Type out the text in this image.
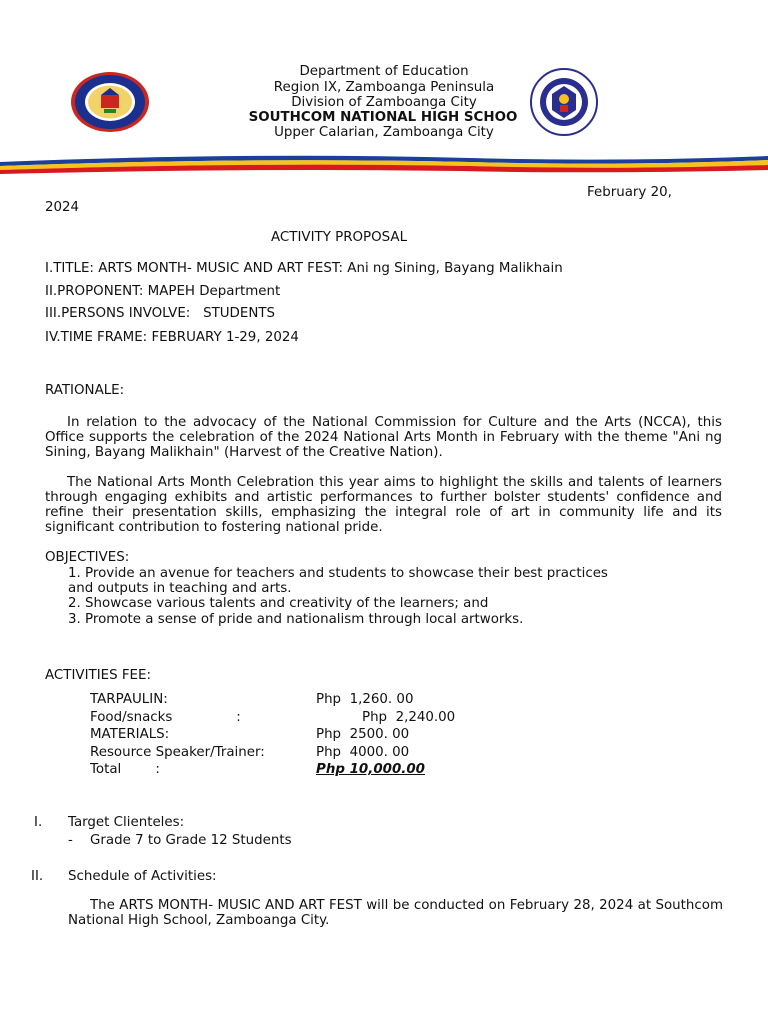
Department of Education
Region IX, Zamboanga Peninsula
Division of Zamboanga City
SOUTHCOM NATIONAL HIGH SCHOO
Upper Calarian, Zamboanga City
February 20,
2024
ACTIVITY PROPOSAL
I.TITLE: ARTS MONTH- MUSIC AND ART FEST: Ani ng Sining, Bayang Malikhain
II.PROPONENT: MAPEH Department
III.PERSONS INVOLVE:   STUDENTS
IV.TIME FRAME: FEBRUARY 1-29, 2024
RATIONALE:
In relation to the advocacy of the National Commission for Culture and the Arts (NCCA), this Office supports the celebration of the 2024 National Arts Month in February with the theme "Ani ng Sining, Bayang Malikhain" (Harvest of the Creative Nation).
The National Arts Month Celebration this year aims to highlight the skills and talents of learners through engaging exhibits and artistic performances to further bolster students' confidence and refine their presentation skills, emphasizing the integral role of art in community life and its significant contribution to fostering national pride.
OBJECTIVES:
1. Provide an avenue for teachers and students to showcase their best practices
and outputs in teaching and arts.
2. Showcase various talents and creativity of the learners; and
3. Promote a sense of pride and nationalism through local artworks.
ACTIVITIES FEE:
TARPAULIN:	Php  1,260. 00
Food/snacks               :	Php  2,240.00
MATERIALS:	Php  2500. 00
Resource Speaker/Trainer:	Php  4000. 00
Total        :	Php 10,000.00
I. Target Clienteles:
- Grade 7 to Grade 12 Students
II. Schedule of Activities:
The ARTS MONTH- MUSIC AND ART FEST will be conducted on February 28, 2024 at Southcom National High School, Zamboanga City.
